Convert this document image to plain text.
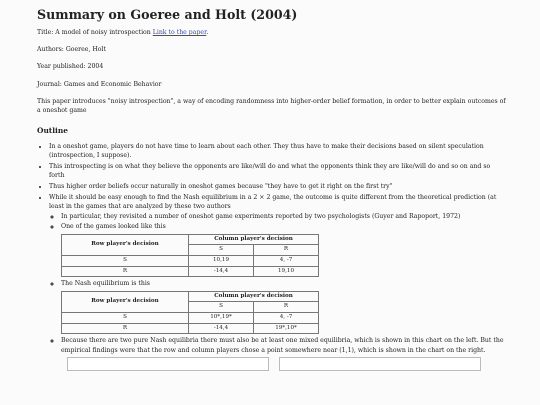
Summary on Goeree and Holt (2004)

Title: A model of noisy introspection Link to the paper.

Authors: Goeree, Holt

Year published: 2004

Journal: Games and Economic Behavior

This paper introduces "noisy introspection", a way of encoding randomness into higher-order belief formation, in order to better explain outcomes of a oneshot game

Outline
• In a oneshot game, players do not have time to learn about each other. They thus have to make their decisions based on silent speculation (introspection, I suppose).
• This introspecting is on what they believe the opponents are like/will do and what the opponents think they are like/will do and so on and so forth
• Thus higher order beliefs occur naturally in oneshot games because "they have to get it right on the first try"
• While it should be easy enough to find the Nash equilibrium in a 2 × 2 game, the outcome is quite different from the theoretical prediction (at least in the games that are analyzed by these two authors
◦ In particular, they revisited a number of oneshot game experiments reported by two psychologists (Guyer and Rapoport, 1972)
◦ One of the games looked like this
Row player's decision	Column player's decision	
	S	R
S	10,19	4, -7
R	-14,4	19,10
◦ The Nash equilibrium is this
Row player's decision	Column player's decision	
	S	R
S	10*,19*	4, -7
R	-14,4	19*,10*
◦ Because there are two pure Nash equilibria there must also be at least one mixed equilibria, which is shown in this chart on the left. But the empirical findings were that the row and column players chose a point somewhere near (1,1), which is shown in the chart on the right.
